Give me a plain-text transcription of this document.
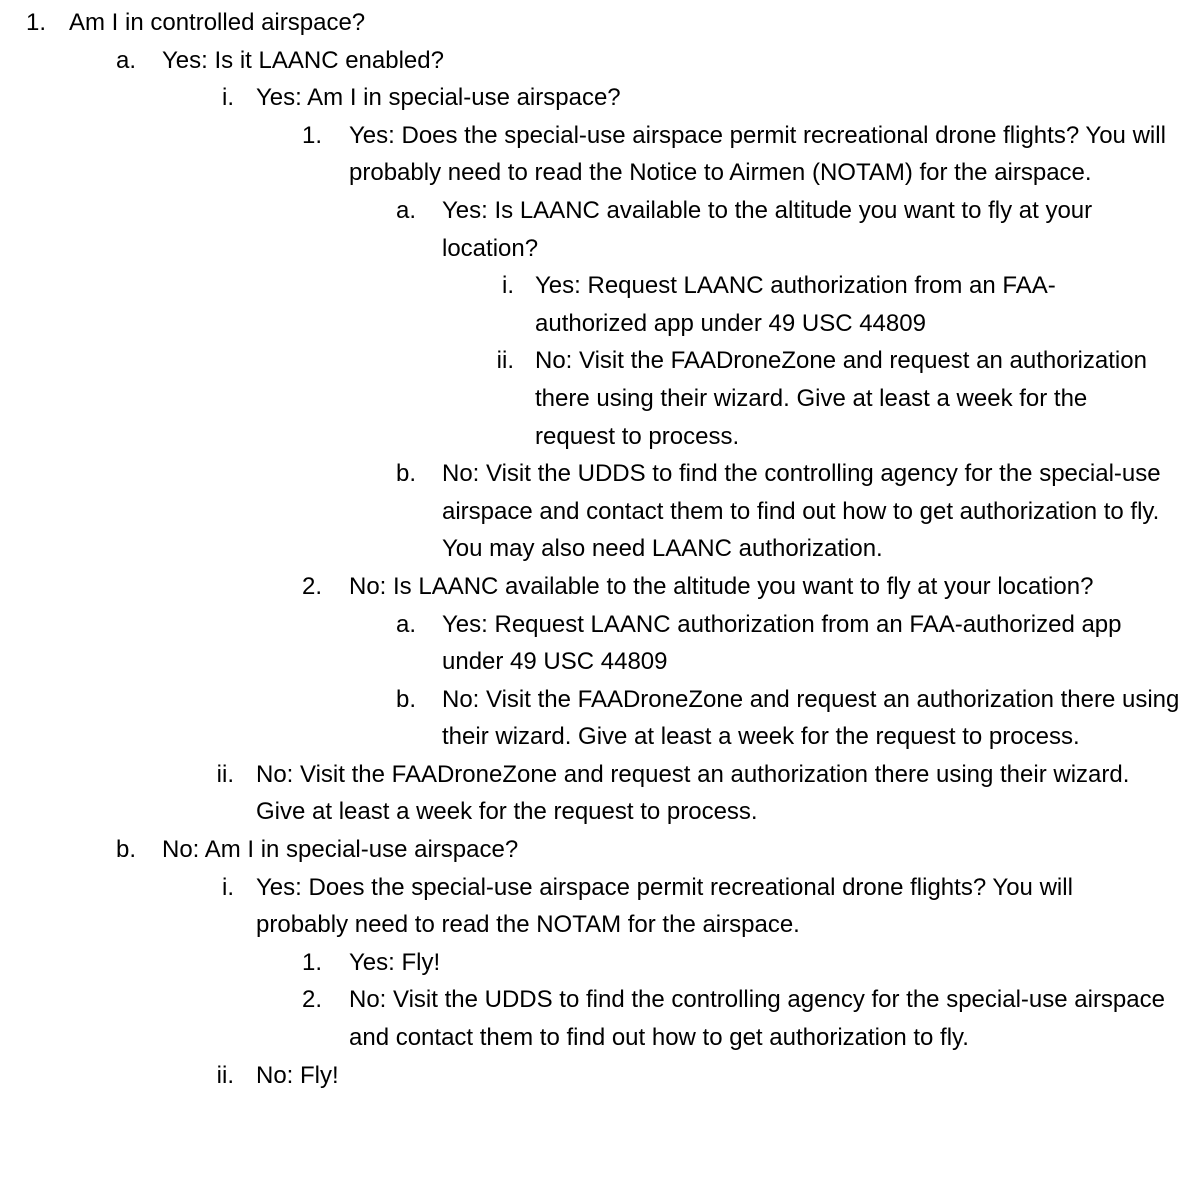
1. Am I in controlled airspace?
a. Yes: Is it LAANC enabled?
i. Yes: Am I in special-use airspace?
1. Yes: Does the special-use airspace permit recreational drone flights? You will probably need to read the Notice to Airmen (NOTAM) for the airspace.
a. Yes: Is LAANC available to the altitude you want to fly at your location?
i. Yes: Request LAANC authorization from an FAA-authorized app under 49 USC 44809
ii. No: Visit the FAADroneZone and request an authorization there using their wizard. Give at least a week for the request to process.
b. No: Visit the UDDS to find the controlling agency for the special-use airspace and contact them to find out how to get authorization to fly. You may also need LAANC authorization.
2. No: Is LAANC available to the altitude you want to fly at your location?
a. Yes: Request LAANC authorization from an FAA-authorized app under 49 USC 44809
b. No: Visit the FAADroneZone and request an authorization there using their wizard. Give at least a week for the request to process.
ii. No: Visit the FAADroneZone and request an authorization there using their wizard. Give at least a week for the request to process.
b. No: Am I in special-use airspace?
i. Yes: Does the special-use airspace permit recreational drone flights? You will probably need to read the NOTAM for the airspace.
1. Yes: Fly!
2. No: Visit the UDDS to find the controlling agency for the special-use airspace and contact them to find out how to get authorization to fly.
ii. No: Fly!
